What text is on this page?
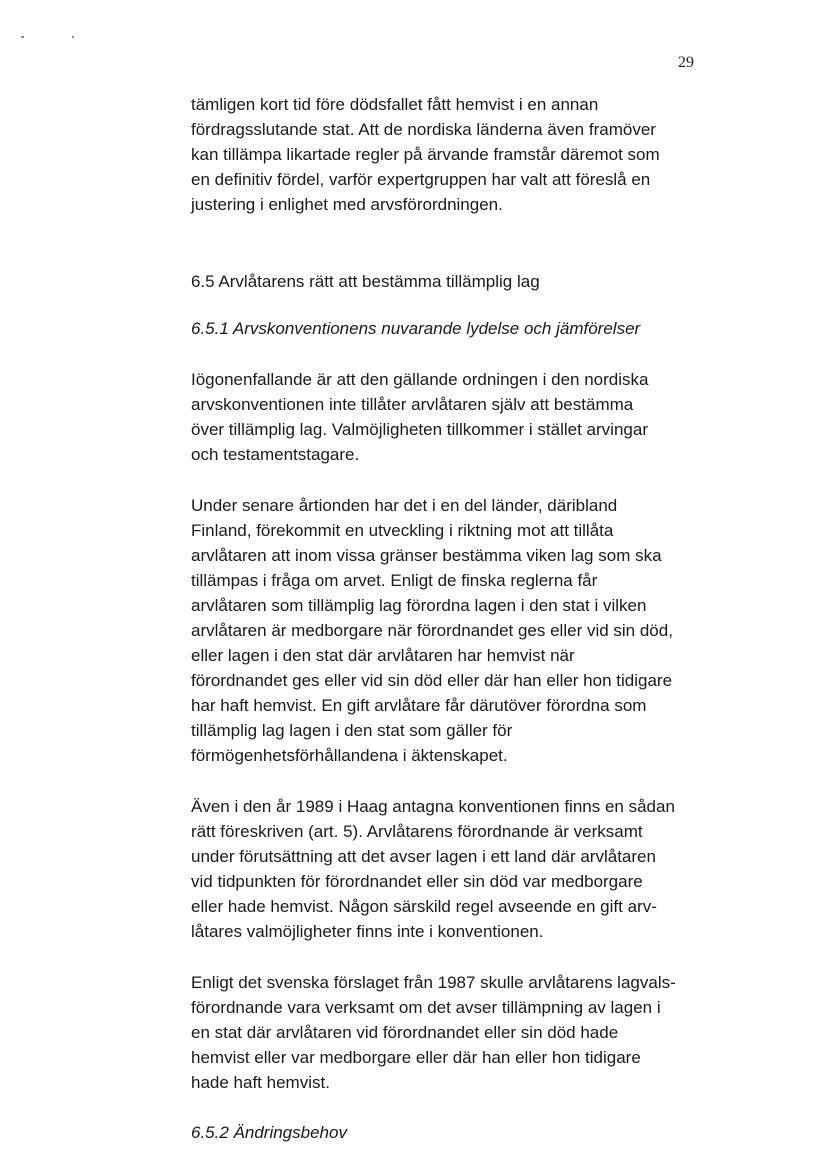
29
tämligen kort tid före dödsfallet fått hemvist i en annan
fördragsslutande stat. Att de nordiska länderna även framöver
kan tillämpa likartade regler på ärvande framstår däremot som
en definitiv fördel, varför expertgruppen har valt att föreslå en
justering i enlighet med arvsförordningen.
6.5 Arvlåtarens rätt att bestämma tillämplig lag
6.5.1 Arvskonventionens nuvarande lydelse och jämförelser
Iögonenfallande är att den gällande ordningen i den nordiska
arvskonventionen inte tillåter arvlåtaren själv att bestämma
över tillämplig lag. Valmöjligheten tillkommer i stället arvingar
och testamentstagare.
Under senare årtionden har det i en del länder, däribland
Finland, förekommit en utveckling i riktning mot att tillåta
arvlåtaren att inom vissa gränser bestämma viken lag som ska
tillämpas i fråga om arvet. Enligt de finska reglerna får
arvlåtaren som tillämplig lag förordna lagen i den stat i vilken
arvlåtaren är medborgare när förordnandet ges eller vid sin död,
eller lagen i den stat där arvlåtaren har hemvist när
förordnandet ges eller vid sin död eller där han eller hon tidigare
har haft hemvist. En gift arvlåtare får därutöver förordna som
tillämplig lag lagen i den stat som gäller för
förmögenhetsförhållandena i äktenskapet.
Även i den år 1989 i Haag antagna konventionen finns en sådan
rätt föreskriven (art. 5). Arvlåtarens förordnande är verksamt
under förutsättning att det avser lagen i ett land där arvlåtaren
vid tidpunkten för förordnandet eller sin död var medborgare
eller hade hemvist. Någon särskild regel avseende en gift arv-
låtares valmöjligheter finns inte i konventionen.
Enligt det svenska förslaget från 1987 skulle arvlåtarens lagvals-
förordnande vara verksamt om det avser tillämpning av lagen i
en stat där arvlåtaren vid förordnandet eller sin död hade
hemvist eller var medborgare eller där han eller hon tidigare
hade haft hemvist.
6.5.2 Ändringsbehov
